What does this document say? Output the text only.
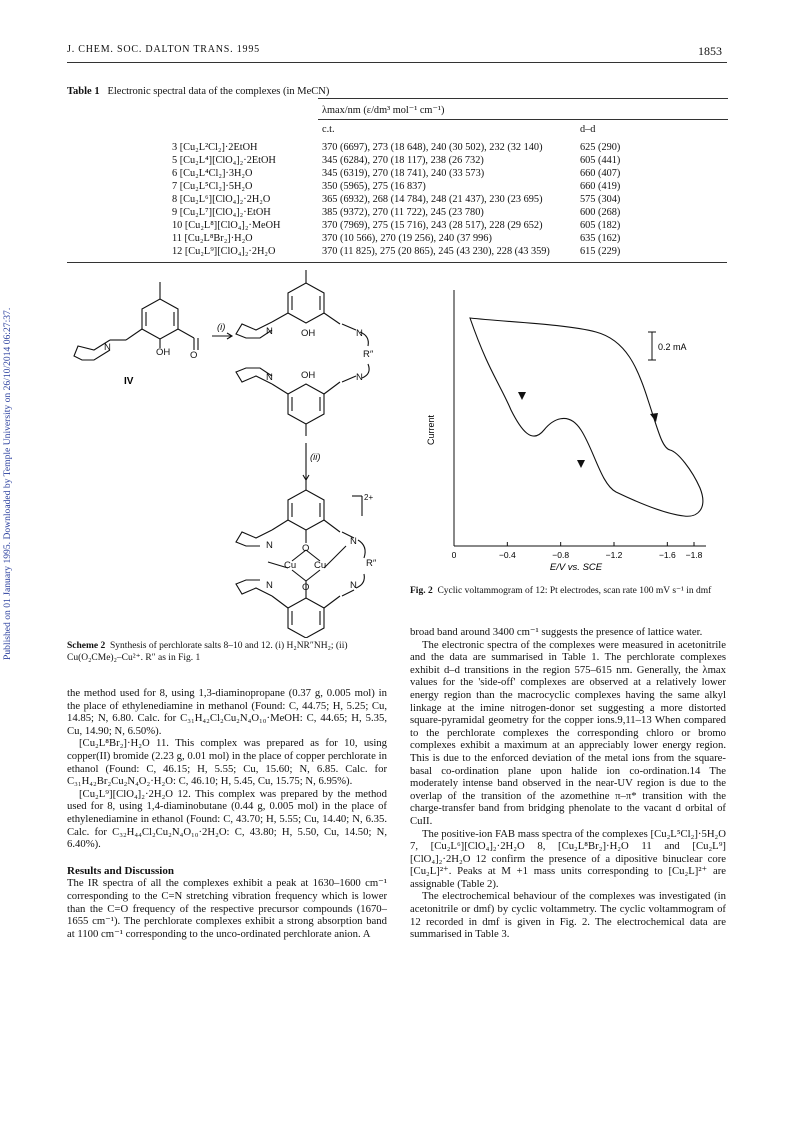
Published on 01 January 1995. Downloaded by Temple University on 26/10/2014 06:27:37.
J. CHEM. SOC. DALTON TRANS. 1995	1853
Table 1 Electronic spectral data of the complexes (in MeCN)
λmax/nm (ε/dm³ mol⁻¹ cm⁻¹)
c.t.	d–d
3 [Cu₂L²Cl₂]·2EtOH	370 (6697), 273 (18 648), 240 (30 502), 232 (32 140)	625 (290)
5 [Cu₂L⁴][ClO₄]₂·2EtOH	345 (6284), 270 (18 117), 238 (26 732)	605 (441)
6 [Cu₂L⁴Cl₂]·3H₂O	345 (6319), 270 (18 741), 240 (33 573)	660 (407)
7 [Cu₂L⁵Cl₂]·5H₂O	350 (5965), 275 (16 837)	660 (419)
8 [Cu₂L⁶][ClO₄]₂·2H₂O	365 (6932), 268 (14 784), 248 (21 437), 230 (23 695)	575 (304)
9 [Cu₂L⁷][ClO₄]₂·EtOH	385 (9372), 270 (11 722), 245 (23 780)	600 (268)
10 [Cu₂L⁸][ClO₄]₂·MeOH	370 (7969), 275 (15 716), 243 (28 517), 228 (29 652)	605 (182)
11 [Cu₂L⁸Br₂]·H₂O	370 (10 566), 270 (19 256), 240 (37 996)	635 (162)
12 [Cu₂L⁹][ClO₄]₂·2H₂O	370 (11 825), 275 (20 865), 245 (43 230), 228 (43 359)	615 (229)
OH O
N
(i)	N	OH	N
R″
N	OH	N
(ii)
2+
O
Cu Cu
O
N	N
R″
N	N
IV
Scheme 2 Synthesis of perchlorate salts 8–10 and 12. (i) H₂NR″NH₂; (ii) Cu(O₂CMe)₂–Cu²⁺. R″ as in Fig. 1
0	−0.4	−0.8	−1.2	−1.6 −1.8
0.2 mA
Current
E/V vs. SCE
Fig. 2 Cyclic voltammogram of 12: Pt electrodes, scan rate 100 mV s⁻¹ in dmf

the method used for 8, using 1,3-diaminopropane (0.37 g, 0.005 mol) in the place of ethylenediamine in methanol (Found: C, 44.75; H, 5.25; Cu, 14.85; N, 6.80. Calc. for C₃₁H₄₂Cl₂Cu₂N₄O₁₀·MeOH: C, 44.65; H, 5.35, Cu, 14.90; N, 6.50%).

[Cu₂L⁸Br₂]·H₂O 11. This complex was prepared as for 10, using copper(II) bromide (2.23 g, 0.01 mol) in the place of copper perchlorate in ethanol (Found: C, 46.15; H, 5.55; Cu, 15.60; N, 6.85. Calc. for C₃₁H₄₂Br₂Cu₂N₄O₂·H₂O: C, 46.10; H, 5.45, Cu, 15.75; N, 6.95%).

[Cu₂L⁹][ClO₄]₂·2H₂O 12. This complex was prepared by the method used for 8, using 1,4-diaminobutane (0.44 g, 0.005 mol) in the place of ethylenediamine in ethanol (Found: C, 43.70; H, 5.55; Cu, 14.40; N, 6.35. Calc. for C₃₂H₄₄Cl₂Cu₂N₄O₁₀·2H₂O: C, 43.80; H, 5.50, Cu, 14.50; N, 6.40%).

Results and Discussion

The IR spectra of all the complexes exhibit a peak at 1630–1600 cm⁻¹ corresponding to the C=N stretching vibration frequency which is lower than the C=O frequency of the respective precursor compounds (1670–1655 cm⁻¹). The perchlorate complexes exhibit a strong absorption band at 1100 cm⁻¹ corresponding to the unco-ordinated perchlorate anion. A

broad band around 3400 cm⁻¹ suggests the presence of lattice water.

The electronic spectra of the complexes were measured in acetonitrile and the data are summarised in Table 1. The perchlorate complexes exhibit d–d transitions in the region 575–615 nm. Generally, the λmax values for the 'side-off' complexes are observed at a relatively lower energy region than the macrocyclic complexes having the same alkyl linkage at the imine nitrogen-donor set suggesting a more distorted square-pyramidal geometry for the copper ions.9,11–13 When compared to the perchlorate complexes the corresponding chloro or bromo complexes exhibit a maximum at an appreciably lower energy region. This is due to the enforced deviation of the metal ions from the square-basal co-ordination plane upon halide ion co-ordination.14 The moderately intense band observed in the near-UV region is due to the overlap of the transition of the azomethine π–π* transition with the charge-transfer band from bridging phenolate to the vacant d orbital of CuII.

The positive-ion FAB mass spectra of the complexes [Cu₂L⁵Cl₂]·5H₂O 7, [Cu₂L⁶][ClO₄]₂·2H₂O 8, [Cu₂L⁸Br₂]·H₂O 11 and [Cu₂L⁹][ClO₄]₂·2H₂O 12 confirm the presence of a dipositive binuclear core [Cu₂L]²⁺. Peaks at M +1 mass units corresponding to [Cu₂L]²⁺ are assignable (Table 2).

The electrochemical behaviour of the complexes was investigated (in acetonitrile or dmf) by cyclic voltammetry. The cyclic voltammogram of 12 recorded in dmf is given in Fig. 2. The electrochemical data are summarised in Table 3.
